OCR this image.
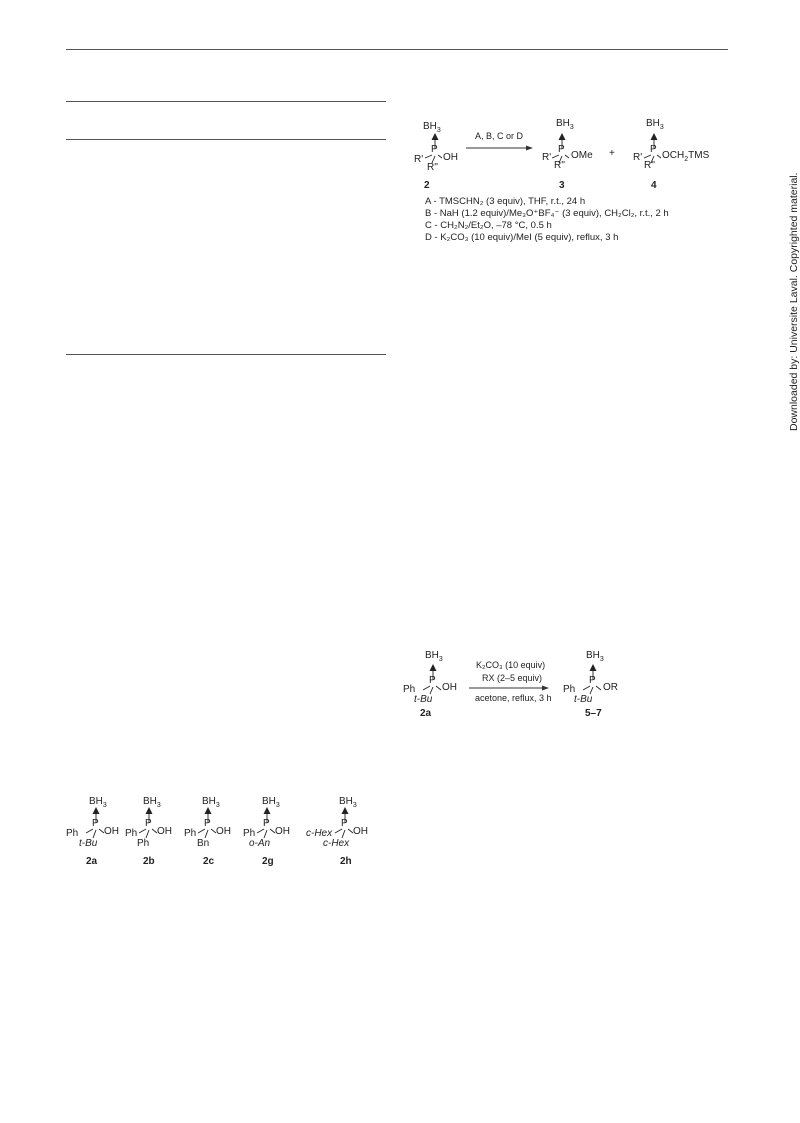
Downloaded by: Universite Laval. Copyrighted material.
$BH_3$
P
OH
R'
R''
2
A, B, C or D
$BH_3$
P
OMe
R'
R''
3
+
$BH_3$
P
$OCH_2TMS$
R'
R''
4
A - TMSCHN₂ (3 equiv), THF, r.t., 24 h
B - NaH (1.2 equiv)/Me₃O⁺BF₄⁻ (3 equiv), CH₂Cl₂, r.t., 2 h
C - CH₂N₂/Et₂O, –78 °C, 0.5 h
D - K₂CO₃ (10 equiv)/MeI (5 equiv), reflux, 3 h
$BH_3$
P
OH
Ph
t-Bu
2a
K₂CO₃ (10 equiv)
RX (2–5 equiv)
acetone, reflux, 3 h
$BH_3$
P
OR
Ph
t-Bu
5–7
$BH_3$
P
OH
Ph
t-Bu
2a
$BH_3$
P
OH
Ph
Ph
2b
$BH_3$
P
OH
Ph
Bn
2c
$BH_3$
P
OH
Ph
o-An
2g
$BH_3$
P
OH
c-Hex
c-Hex
2h
